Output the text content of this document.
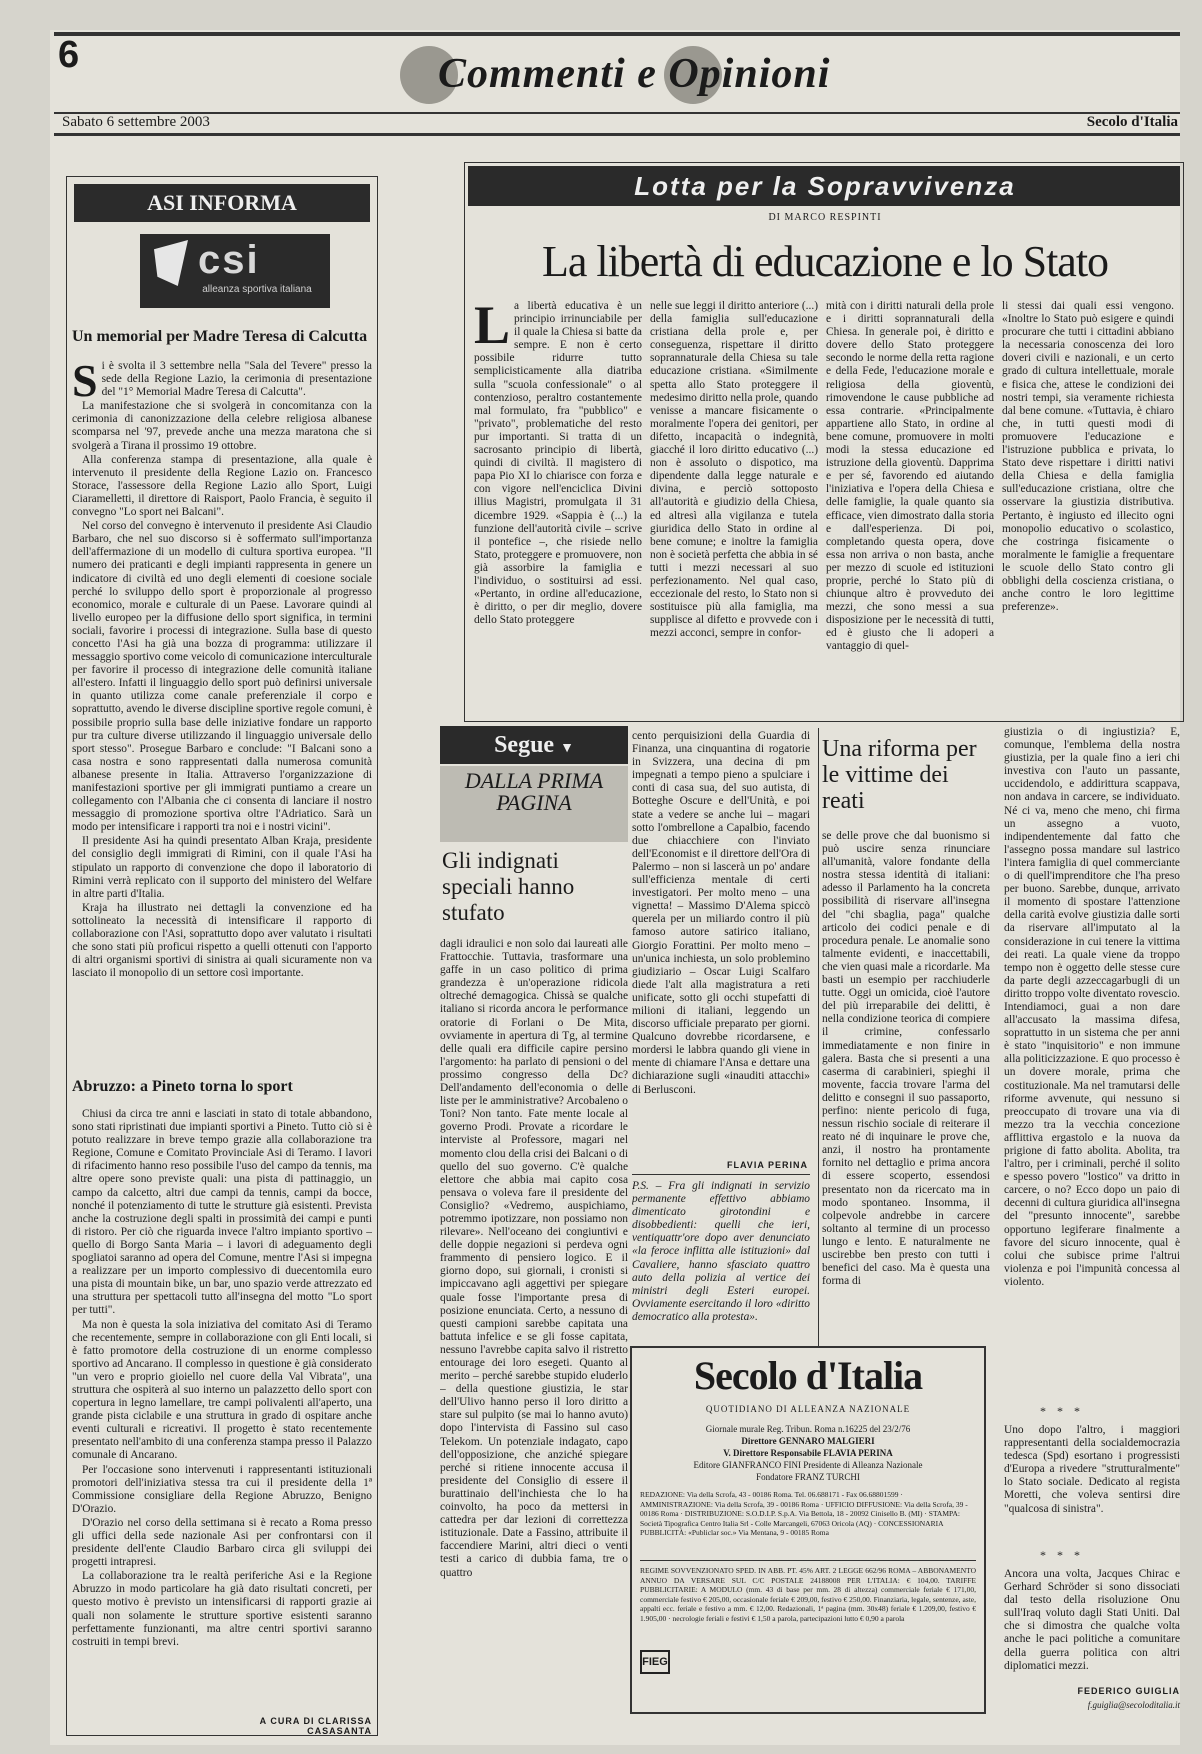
6	Commenti e Opinioni
Sabato 6 settembre 2003	Secolo d'Italia
ASI INFORMA
csi
alleanza sportiva italiana
Un memorial per Madre Teresa di Calcutta
S i è svolta il 3 settembre nella "Sala del Tevere" presso la sede della Regione Lazio, la cerimonia di presentazione del "1° Memorial Madre Teresa di Calcutta".

La manifestazione che si svolgerà in concomitanza con la cerimonia di canonizzazione della celebre religiosa albanese scomparsa nel '97, prevede anche una mezza maratona che si svolgerà a Tirana il prossimo 19 ottobre.

Alla conferenza stampa di presentazione, alla quale è intervenuto il presidente della Regione Lazio on. Francesco Storace, l'assessore della Regione Lazio allo Sport, Luigi Ciaramelletti, il direttore di Raisport, Paolo Francia, è seguito il convegno "Lo sport nei Balcani".

Nel corso del convegno è intervenuto il presidente Asi Claudio Barbaro, che nel suo discorso si è soffermato sull'importanza dell'affermazione di un modello di cultura sportiva europea. "Il numero dei praticanti e degli impianti rappresenta in genere un indicatore di civiltà ed uno degli elementi di coesione sociale perché lo sviluppo dello sport è proporzionale al progresso economico, morale e culturale di un Paese. Lavorare quindi al livello europeo per la diffusione dello sport significa, in termini sociali, favorire i processi di integrazione. Sulla base di questo concetto l'Asi ha già una bozza di programma: utilizzare il messaggio sportivo come veicolo di comunicazione interculturale per favorire il processo di integrazione delle comunità italiane all'estero. Infatti il linguaggio dello sport può definirsi universale in quanto utilizza come canale preferenziale il corpo e soprattutto, avendo le diverse discipline sportive regole comuni, è possibile proprio sulla base delle iniziative fondare un rapporto pur tra culture diverse utilizzando il linguaggio universale dello sport stesso". Prosegue Barbaro e conclude: "I Balcani sono a casa nostra e sono rappresentati dalla numerosa comunità albanese presente in Italia. Attraverso l'organizzazione di manifestazioni sportive per gli immigrati puntiamo a creare un collegamento con l'Albania che ci consenta di lanciare il nostro messaggio di promozione sportiva oltre l'Adriatico. Sarà un modo per intensificare i rapporti tra noi e i nostri vicini".

Il presidente Asi ha quindi presentato Alban Kraja, presidente del consiglio degli immigrati di Rimini, con il quale l'Asi ha stipulato un rapporto di convenzione che dopo il laboratorio di Rimini verrà replicato con il supporto del ministero del Welfare in altre parti d'Italia.

Kraja ha illustrato nei dettagli la convenzione ed ha sottolineato la necessità di intensificare il rapporto di collaborazione con l'Asi, soprattutto dopo aver valutato i risultati che sono stati più proficui rispetto a quelli ottenuti con l'apporto di altri organismi sportivi di sinistra ai quali sicuramente non va lasciato il monopolio di un settore così importante.

Abruzzo: a Pineto torna lo sport

Chiusi da circa tre anni e lasciati in stato di totale abbandono, sono stati ripristinati due impianti sportivi a Pineto. Tutto ciò si è potuto realizzare in breve tempo grazie alla collaborazione tra Regione, Comune e Comitato Provinciale Asi di Teramo. I lavori di rifacimento hanno reso possibile l'uso del campo da tennis, ma altre opere sono previste quali: una pista di pattinaggio, un campo da calcetto, altri due campi da tennis, campi da bocce, nonché il potenziamento di tutte le strutture già esistenti. Prevista anche la costruzione degli spalti in prossimità dei campi e punti di ristoro. Per ciò che riguarda invece l'altro impianto sportivo – quello di Borgo Santa Maria – i lavori di adeguamento degli spogliatoi saranno ad opera del Comune, mentre l'Asi si impegna a realizzare per un importo complessivo di duecentomila euro una pista di mountain bike, un bar, uno spazio verde attrezzato ed una struttura per spettacoli tutto all'insegna del motto "Lo sport per tutti".

Ma non è questa la sola iniziativa del comitato Asi di Teramo che recentemente, sempre in collaborazione con gli Enti locali, si è fatto promotore della costruzione di un enorme complesso sportivo ad Ancarano. Il complesso in questione è già considerato "un vero e proprio gioiello nel cuore della Val Vibrata", una struttura che ospiterà al suo interno un palazzetto dello sport con copertura in legno lamellare, tre campi polivalenti all'aperto, una grande pista ciclabile e una struttura in grado di ospitare anche eventi culturali e ricreativi. Il progetto è stato recentemente presentato nell'ambito di una conferenza stampa presso il Palazzo comunale di Ancarano.

Per l'occasione sono intervenuti i rappresentanti istituzionali promotori dell'iniziativa stessa tra cui il presidente della 1ª Commissione consigliare della Regione Abruzzo, Benigno D'Orazio.

D'Orazio nel corso della settimana si è recato a Roma presso gli uffici della sede nazionale Asi per confrontarsi con il presidente dell'ente Claudio Barbaro circa gli sviluppi dei progetti intrapresi.

La collaborazione tra le realtà periferiche Asi e la Regione Abruzzo in modo particolare ha già dato risultati concreti, per questo motivo è previsto un intensificarsi di rapporti grazie ai quali non solamente le strutture sportive esistenti saranno perfettamente funzionanti, ma altre centri sportivi saranno costruiti in tempi brevi.

A CURA DI CLARISSA CASASANTA
Lotta per la Sopravvivenza
DI MARCO RESPINTI
La libertà di educazione e lo Stato
L a libertà educativa è un principio irrinunciabile per il quale la Chiesa si batte da sempre. E non è certo possibile ridurre tutto semplicisticamente alla diatriba sulla "scuola confessionale" o al contenzioso, peraltro costantemente mal formulato, fra "pubblico" e "privato", problematiche del resto pur importanti. Si tratta di un sacrosanto principio di libertà, quindi di civiltà. Il magistero di papa Pio XI lo chiarisce con forza e con vigore nell'enciclica Divini illius Magistri, promulgata il 31 dicembre 1929. «Sappia è (...) la funzione dell'autorità civile – scrive il pontefice –, che risiede nello Stato, proteggere e promuovere, non già assorbire la famiglia e l'individuo, o sostituirsi ad essi. «Pertanto, in ordine all'educazione, è diritto, o per dir meglio, dovere dello Stato proteggere
nelle sue leggi il diritto anteriore (...) della famiglia sull'educazione cristiana della prole e, per conseguenza, rispettare il diritto soprannaturale della Chiesa su tale educazione cristiana. «Similmente spetta allo Stato proteggere il medesimo diritto nella prole, quando venisse a mancare fisicamente o moralmente l'opera dei genitori, per difetto, incapacità o indegnità, giacché il loro diritto educativo (...) non è assoluto o dispotico, ma dipendente dalla legge naturale e divina, e perciò sottoposto all'autorità e giudizio della Chiesa, ed altresì alla vigilanza e tutela giuridica dello Stato in ordine al bene comune; e inoltre la famiglia non è società perfetta che abbia in sé tutti i mezzi necessari al suo perfezionamento. Nel qual caso, eccezionale del resto, lo Stato non si sostituisce più alla famiglia, ma supplisce al difetto e provvede con i mezzi acconci, sempre in confor-
mità con i diritti naturali della prole e i diritti soprannaturali della Chiesa. In generale poi, è diritto e dovere dello Stato proteggere secondo le norme della retta ragione e della Fede, l'educazione morale e religiosa della gioventù, rimovendone le cause pubbliche ad essa contrarie. «Principalmente appartiene allo Stato, in ordine al bene comune, promuovere in molti modi la stessa educazione ed istruzione della gioventù. Dapprima e per sé, favorendo ed aiutando l'iniziativa e l'opera della Chiesa e delle famiglie, la quale quanto sia efficace, vien dimostrato dalla storia e dall'esperienza. Di poi, completando questa opera, dove essa non arriva o non basta, anche per mezzo di scuole ed istituzioni proprie, perché lo Stato più di chiunque altro è provveduto dei mezzi, che sono messi a sua disposizione per le necessità di tutti, ed è giusto che li adoperi a vantaggio di quel-
li stessi dai quali essi vengono. «Inoltre lo Stato può esigere e quindi procurare che tutti i cittadini abbiano la necessaria conoscenza dei loro doveri civili e nazionali, e un certo grado di cultura intellettuale, morale e fisica che, attese le condizioni dei nostri tempi, sia veramente richiesta dal bene comune. «Tuttavia, è chiaro che, in tutti questi modi di promuovere l'educazione e l'istruzione pubblica e privata, lo Stato deve rispettare i diritti nativi della Chiesa e della famiglia sull'educazione cristiana, oltre che osservare la giustizia distributiva. Pertanto, è ingiusto ed illecito ogni monopolio educativo o scolastico, che costringa fisicamente o moralmente le famiglie a frequentare le scuole dello Stato contro gli obblighi della coscienza cristiana, o anche contro le loro legittime preferenze».
Segue ▼
DALLA PRIMA PAGINA
Gli indignati speciali hanno stufato
dagli idraulici e non solo dai laureati alle Frattocchie. Tuttavia, trasformare una gaffe in un caso politico di prima grandezza è un'operazione ridicola oltreché demagogica. Chissà se qualche italiano si ricorda ancora le performance oratorie di Forlani o De Mita, ovviamente in apertura di Tg, al termine delle quali era difficile capire persino l'argomento: ha parlato di pensioni o del prossimo congresso della Dc? Dell'andamento dell'economia o delle liste per le amministrative? Arcobaleno o Toni? Non tanto. Fate mente locale al governo Prodi. Provate a ricordare le interviste al Professore, magari nel momento clou della crisi dei Balcani o di quello del suo governo. C'è qualche elettore che abbia mai capito cosa pensava o voleva fare il presidente del Consiglio? «Vedremo, auspichiamo, potremmo ipotizzare, non possiamo non rilevare». Nell'oceano dei congiuntivi e delle doppie negazioni si perdeva ogni frammento di pensiero logico. E il giorno dopo, sui giornali, i cronisti si impiccavano agli aggettivi per spiegare quale fosse l'importante presa di posizione enunciata. Certo, a nessuno di questi campioni sarebbe capitata una battuta infelice e se gli fosse capitata, nessuno l'avrebbe capita salvo il ristretto entourage dei loro esegeti. Quanto al merito – perché sarebbe stupido eluderlo – della questione giustizia, le star dell'Ulivo hanno perso il loro diritto a stare sul pulpito (se mai lo hanno avuto) dopo l'intervista di Fassino sul caso Telekom. Un potenziale indagato, capo dell'opposizione, che anziché spiegare perché si ritiene innocente accusa il presidente del Consiglio di essere il burattinaio dell'inchiesta che lo ha coinvolto, ha poco da mettersi in cattedra per dar lezioni di correttezza istituzionale. Date a Fassino, attribuite il faccendiere Marini, altri dieci o venti testi a carico di dubbia fama, tre o quattro
cento perquisizioni della Guardia di Finanza, una cinquantina di rogatorie in Svizzera, una decina di pm impegnati a tempo pieno a spulciare i conti di casa sua, del suo autista, di Botteghe Oscure e dell'Unità, e poi state a vedere se anche lui – magari sotto l'ombrellone a Capalbio, facendo due chiacchiere con l'inviato dell'Economist e il direttore dell'Ora di Palermo – non si lascerà un po' andare sull'efficienza mentale di certi investigatori. Per molto meno – una vignetta! – Massimo D'Alema spiccò querela per un miliardo contro il più famoso autore satirico italiano, Giorgio Forattini. Per molto meno – un'unica inchiesta, un solo problemino giudiziario – Oscar Luigi Scalfaro diede l'alt alla magistratura a reti unificate, sotto gli occhi stupefatti di milioni di italiani, leggendo un discorso ufficiale preparato per giorni. Qualcuno dovrebbe ricordarsene, e mordersi le labbra quando gli viene in mente di chiamare l'Ansa e dettare una dichiarazione sugli «inauditi attacchi» di Berlusconi.
FLAVIA PERINA
P.S. – Fra gli indignati in servizio permanente effettivo abbiamo dimenticato girotondini e disobbedienti: quelli che ieri, ventiquattr'ore dopo aver denunciato «la feroce inflitta alle istituzioni» dal Cavaliere, hanno sfasciato quattro auto della polizia al vertice dei ministri degli Esteri europei. Ovviamente esercitando il loro «diritto democratico alla protesta».
Una riforma per le vittime dei reati
se delle prove che dal buonismo si può uscire senza rinunciare all'umanità, valore fondante della nostra stessa identità di italiani: adesso il Parlamento ha la concreta possibilità di riservare all'insegna del "chi sbaglia, paga" qualche articolo dei codici penale e di procedura penale. Le anomalie sono talmente evidenti, e inaccettabili, che vien quasi male a ricordarle. Ma basti un esempio per racchiuderle tutte. Oggi un omicida, cioè l'autore del più irreparabile dei delitti, è nella condizione teorica di compiere il crimine, confessarlo immediatamente e non finire in galera. Basta che si presenti a una caserma di carabinieri, spieghi il movente, faccia trovare l'arma del delitto e consegni il suo passaporto, perfino: niente pericolo di fuga, nessun rischio sociale di reiterare il reato né di inquinare le prove che, anzi, il nostro ha prontamente fornito nel dettaglio e prima ancora di essere scoperto, essendosi presentato non da ricercato ma in modo spontaneo. Insomma, il colpevole andrebbe in carcere soltanto al termine di un processo lungo e lento. E naturalmente ne uscirebbe ben presto con tutti i benefici del caso. Ma è questa una forma di
giustizia o di ingiustizia? E, comunque, l'emblema della nostra giustizia, per la quale fino a ieri chi investiva con l'auto un passante, uccidendolo, e addirittura scappava, non andava in carcere, se individuato. Né ci va, meno che meno, chi firma un assegno a vuoto, indipendentemente dal fatto che l'assegno possa mandare sul lastrico l'intera famiglia di quel commerciante o di quell'imprenditore che l'ha preso per buono. Sarebbe, dunque, arrivato il momento di spostare l'attenzione della carità evolve giustizia dalle sorti da riservare all'imputato al la considerazione in cui tenere la vittima dei reati. La quale viene da troppo tempo non è oggetto delle stesse cure da parte degli azzeccagarbugli di un diritto troppo volte diventato rovescio. Intendiamoci, guai a non dare all'accusato la massima difesa, soprattutto in un sistema che per anni è stato "inquisitorio" e non immune alla politicizzazione. E quo processo è un dovere morale, prima che costituzionale. Ma nel tramutarsi delle riforme avvenute, qui nessuno si preoccupato di trovare una via di mezzo tra la vecchia concezione afflittiva ergastolo e la nuova da prigione di fatto abolita. Abolita, tra l'altro, per i criminali, perché il solito e spesso povero "lostico" va dritto in carcere, o no? Ecco dopo un paio di decenni di cultura giuridica all'insegna del "presunto innocente", sarebbe opportuno legiferare finalmente a favore del sicuro innocente, qual è colui che subisce prime l'altrui violenza e poi l'impunità concessa al violento.
* * *
Uno dopo l'altro, i maggiori rappresentanti della socialdemocrazia tedesca (Spd) esortano i progressisti d'Europa a rivedere "strutturalmente" lo Stato sociale. Dedicato al regista Moretti, che voleva sentirsi dire "qualcosa di sinistra".
* * *
Ancora una volta, Jacques Chirac e Gerhard Schröder si sono dissociati dal testo della risoluzione Onu sull'Iraq voluto dagli Stati Uniti. Dal che si dimostra che qualche volta anche le paci politiche a comunitare della guerra politica con altri diplomatici mezzi.
FEDERICO GUIGLIA
f.guiglia@secoloditalia.it
Secolo d'Italia
QUOTIDIANO DI ALLEANZA NAZIONALE
Giornale murale Reg. Tribun. Roma n.16225 del 23/2/76
Direttore GENNARO MALGIERI
V. Direttore Responsabile FLAVIA PERINA
Editore GIANFRANCO FINI Presidente di Alleanza Nazionale
Fondatore FRANZ TURCHI
REDAZIONE: Via della Scrofa, 43 - 00186 Roma. Tel. 06.688171 - Fax 06.68801599 · AMMINISTRAZIONE: Via della Scrofa, 39 - 00186 Roma · UFFICIO DIFFUSIONE: Via della Scrofa, 39 - 00186 Roma · DISTRIBUZIONE: S.O.D.I.P. S.p.A. Via Bettola, 18 - 20092 Cinisello B. (MI) · STAMPA: Società Tipografica Centro Italia Srl - Colle Marcangeli, 67063 Oricola (AQ) · CONCESSIONARIA PUBBLICITÀ: «Publiclar soc.» Via Mentana, 9 - 00185 Roma
REGIME SOVVENZIONATO SPED. IN ABB. PT. 45% ART. 2 LEGGE 662/96 ROMA – ABBONAMENTO ANNUO DA VERSARE SUL C/C POSTALE 24188008 PER L'ITALIA: € 104,00. TARIFFE PUBBLICITARIE: A MODULO (mm. 43 di base per mm. 28 di altezza) commerciale feriale € 171,00, commerciale festivo € 205,00, occasionale feriale € 209,00, festivo € 250,00. Finanziaria, legale, sentenze, aste, appalti ecc. feriale e festivo a mm. € 12,00. Redazionali, 1ª pagina (mm. 30x48) feriale € 1.209,00, festivo € 1.905,00 · necrologie feriali e festivi € 1,50 a parola, partecipazioni lutto € 0,90 a parola
FIEG
